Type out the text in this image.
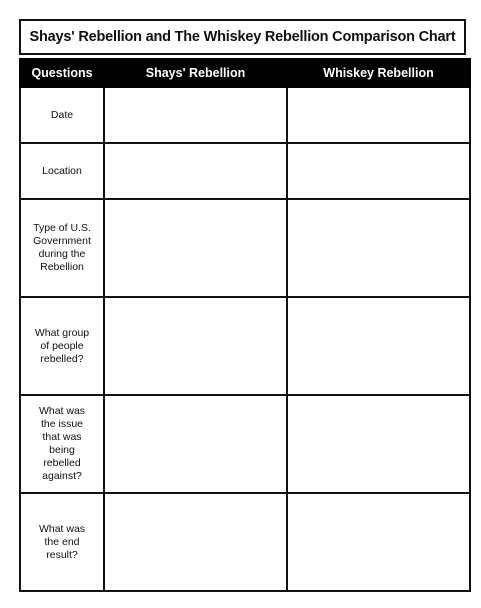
Shays' Rebellion and The Whiskey Rebellion Comparison Chart
Questions	Shays' Rebellion	Whiskey Rebellion
Date		
Location		
Type of U.S. Government during the Rebellion		
What group of people rebelled?		
What was the issue that was being rebelled against?		
What was the end result?		
